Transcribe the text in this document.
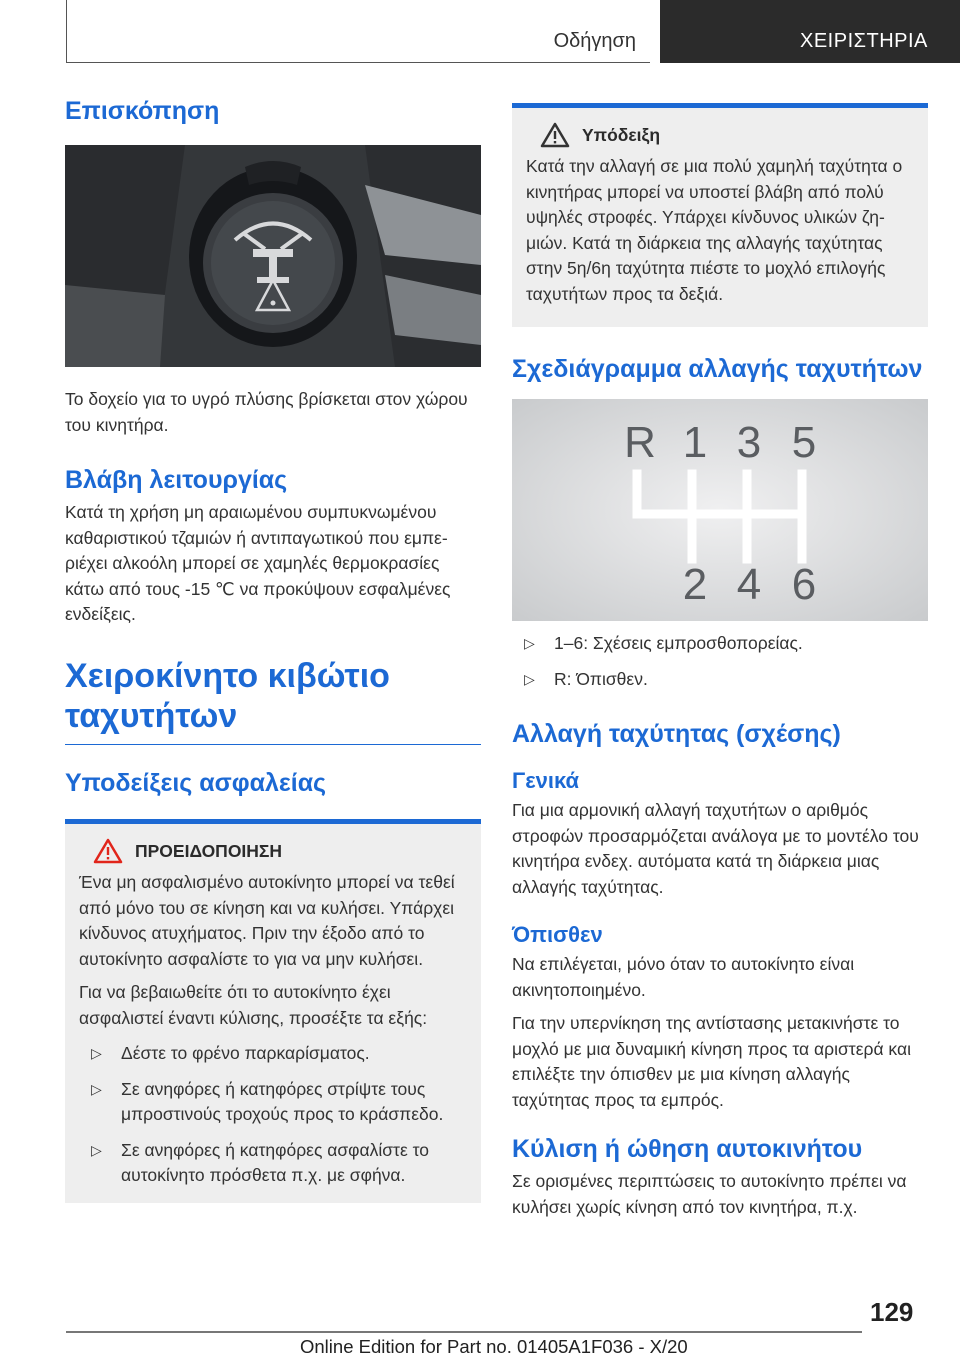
Οδήγηση	ΧΕΙΡΙΣΤΗΡΙΑ
Επισκόπηση

Το δοχείο για το υγρό πλύσης βρίσκεται στον χώρου του κινητήρα.

Βλάβη λειτουργίας

Κατά τη χρήση μη αραιωμένου συμπυκνωμένου καθαριστικού τζαμιών ή αντιπαγωτικού που εμπεριέχει αλκοόλη μπορεί σε χαμηλές θερμοκρασίες κάτω από τους -15 ℃ να προκύψουν εσφαλμένες ενδείξεις.

Χειροκίνητο κιβώτιο ταχυτήτων
Υποδείξεις ασφαλείας
ΠΡΟΕΙΔΟΠΟΙΗΣΗ

Ένα μη ασφαλισμένο αυτοκίνητο μπορεί να τεθεί από μόνο του σε κίνηση και να κυλήσει. Υπάρχει κίνδυνος ατυχήματος. Πριν την έξοδο από το αυτοκίνητο ασφαλίστε το για να μην κυλήσει.

Για να βεβαιωθείτε ότι το αυτοκίνητο έχει ασφαλιστεί έναντι κύλισης, προσέξτε τα εξής:

▷ Δέστε το φρένο παρκαρίσματος.
▷ Σε ανηφόρες ή κατηφόρες στρίψτε τους μπροστινούς τροχούς προς το κράσπεδο.
▷ Σε ανηφόρες ή κατηφόρες ασφαλίστε το αυτοκίνητο πρόσθετα π.χ. με σφήνα.
Υπόδειξη

Κατά την αλλαγή σε μια πολύ χαμηλή ταχύτητα ο κινητήρας μπορεί να υποστεί βλάβη από πολύ υψηλές στροφές. Υπάρχει κίνδυνος υλικών ζημιών. Κατά τη διάρκεια της αλλαγής ταχύτητας στην 5η/6η ταχύτητα πιέστε το μοχλό επιλογής ταχυτήτων προς τα δεξιά.

Σχεδιάγραμμα αλλαγής ταχυτήτων
R 1 3 5
2 4 6
▷ 1–6: Σχέσεις εμπροσθοπορείας.
▷ R: Όπισθεν.
Αλλαγή ταχύτητας (σχέσης)
Γενικά

Για μια αρμονική αλλαγή ταχυτήτων ο αριθμός στροφών προσαρμόζεται ανάλογα με το μοντέλο του κινητήρα ενδεχ. αυτόματα κατά τη διάρκεια μιας αλλαγής ταχύτητας.

Όπισθεν

Να επιλέγεται, μόνο όταν το αυτοκίνητο είναι ακινητοποιημένο.

Για την υπερνίκηση της αντίστασης μετακινήστε το μοχλό με μια δυναμική κίνηση προς τα αριστερά και επιλέξτε την όπισθεν με μια κίνηση αλλαγής ταχύτητας προς τα εμπρός.

Κύλιση ή ώθηση αυτοκινήτου

Σε ορισμένες περιπτώσεις το αυτοκίνητο πρέπει να κυλήσει χωρίς κίνηση από τον κινητήρα, π.χ.

129
Online Edition for Part no. 01405A1F036 - X/20
